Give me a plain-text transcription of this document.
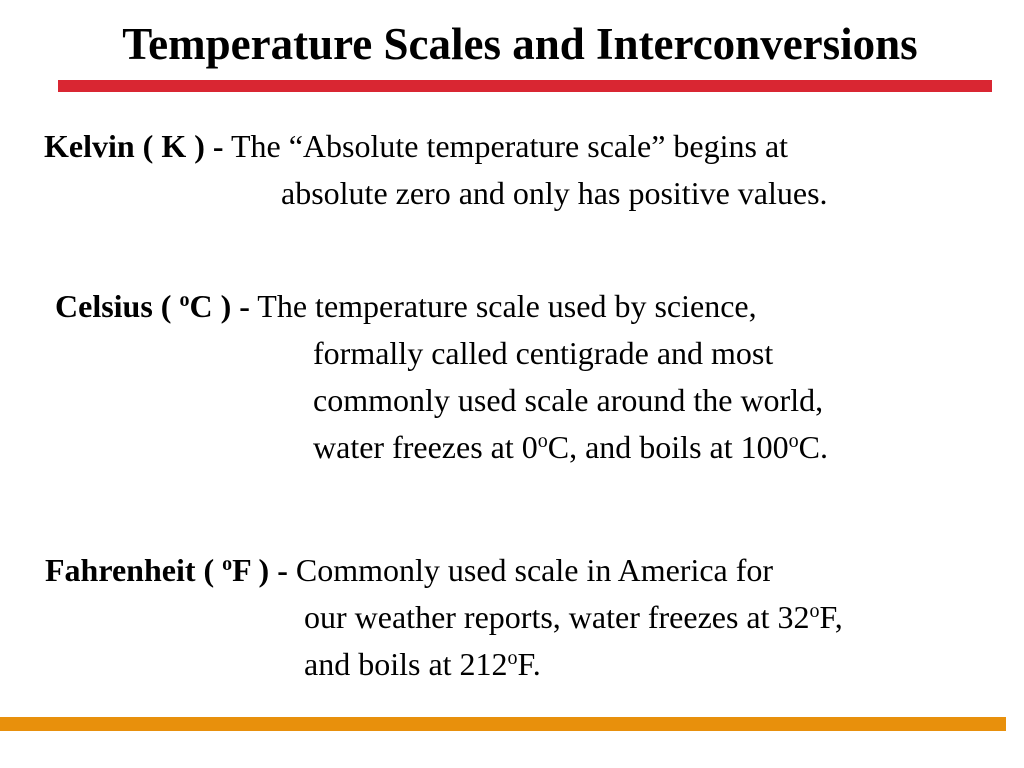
Temperature Scales and Interconversions
Kelvin ( K ) - The “Absolute temperature scale” begins at
absolute zero and only has positive values.
Celsius ( $^o$C ) - The temperature scale used by science,
formally called centigrade and most
commonly used scale around the world,
water freezes at 0$^o$C, and boils at 100$^o$C.
Fahrenheit ( $^o$F ) - Commonly used scale in America for
our weather reports, water freezes at 32$^o$F,
and boils at 212$^o$F.
